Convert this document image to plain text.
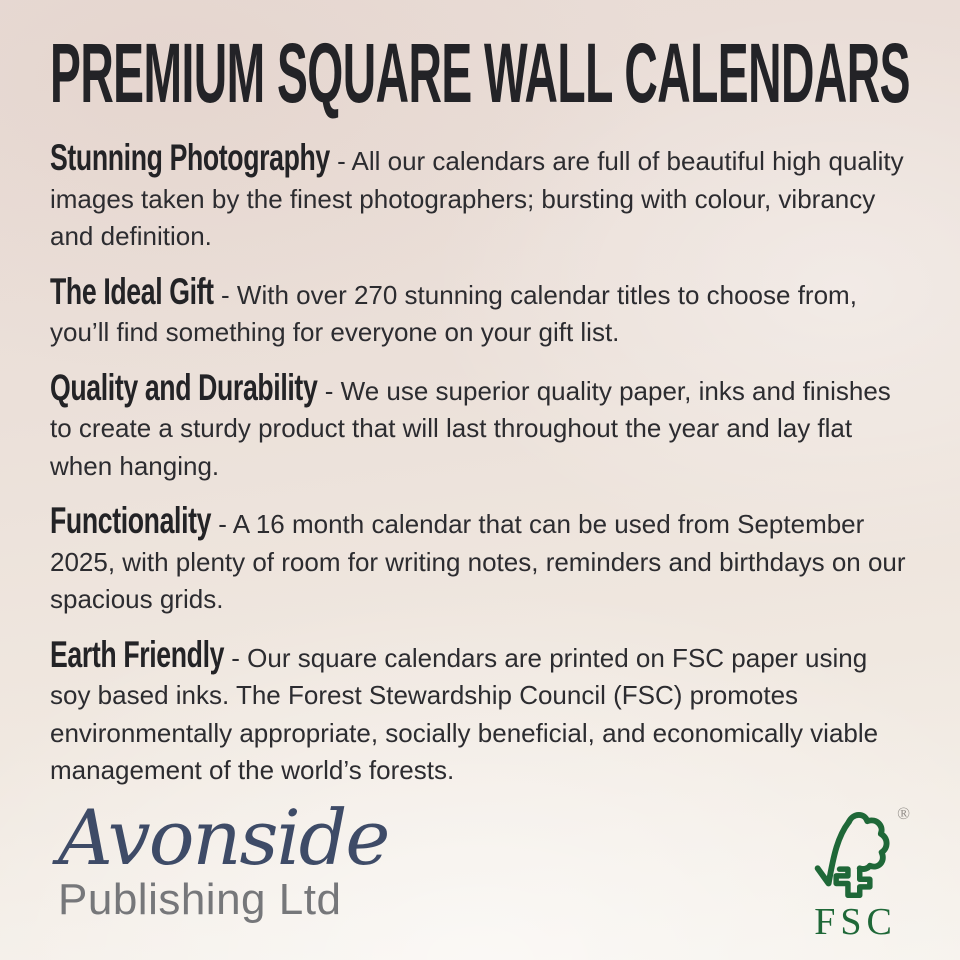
PREMIUM SQUARE WALL CALENDARS

Stunning Photography - All our calendars are full of beautiful high quality images taken by the finest photographers; bursting with colour, vibrancy and definition.

The Ideal Gift - With over 270 stunning calendar titles to choose from, you’ll find something for everyone on your gift list.

Quality and Durability - We use superior quality paper, inks and finishes to create a sturdy product that will last throughout the year and lay flat when hanging.

Functionality - A 16 month calendar that can be used from September 2025, with plenty of room for writing notes, reminders and birthdays on our spacious grids.

Earth Friendly - Our square calendars are printed on FSC paper using soy based inks. The Forest Stewardship Council (FSC) promotes environmentally appropriate, socially beneficial, and economically viable management of the world’s forests.

Avonside
Publishing Ltd
®
FSC
